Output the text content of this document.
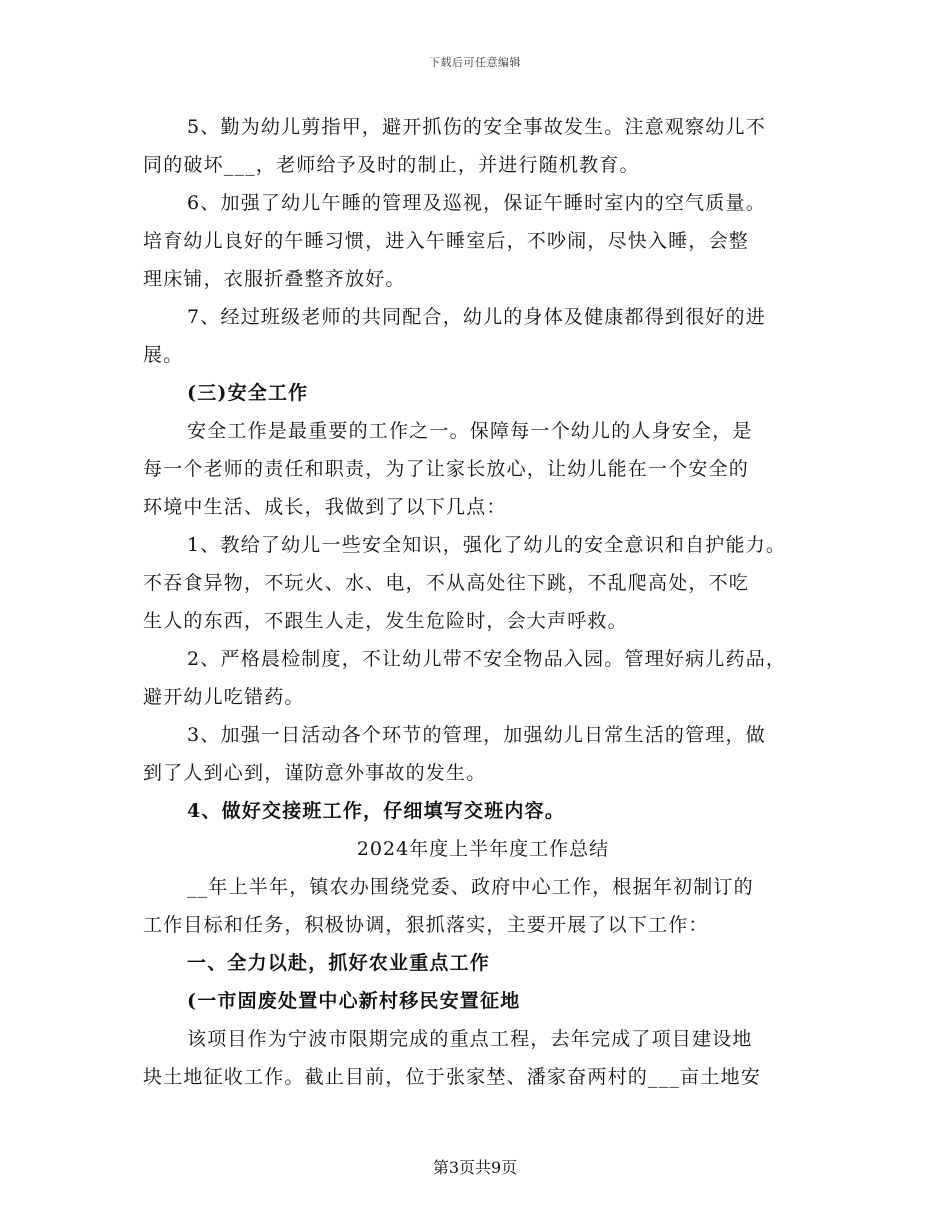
下载后可任意编辑
5、勤为幼儿剪指甲，避开抓伤的安全事故发生。注意观察幼儿不
同的破坏___，老师给予及时的制止，并进行随机教育。
6、加强了幼儿午睡的管理及巡视，保证午睡时室内的空气质量。
培育幼儿良好的午睡习惯，进入午睡室后，不吵闹，尽快入睡，会整
理床铺，衣服折叠整齐放好。
7、经过班级老师的共同配合，幼儿的身体及健康都得到很好的进
展。
(三)安全工作
安全工作是最重要的工作之一。保障每一个幼儿的人身安全，是
每一个老师的责任和职责，为了让家长放心，让幼儿能在一个安全的
环境中生活、成长，我做到了以下几点：
1、教给了幼儿一些安全知识，强化了幼儿的安全意识和自护能力。
不吞食异物，不玩火、水、电，不从高处往下跳，不乱爬高处，不吃
生人的东西，不跟生人走，发生危险时，会大声呼救。
2、严格晨检制度，不让幼儿带不安全物品入园。管理好病儿药品，
避开幼儿吃错药。
3、加强一日活动各个环节的管理，加强幼儿日常生活的管理，做
到了人到心到，谨防意外事故的发生。
4、做好交接班工作，仔细填写交班内容。
2024年度上半年度工作总结
__年上半年，镇农办围绕党委、政府中心工作，根据年初制订的
工作目标和任务，积极协调，狠抓落实，主要开展了以下工作：
一、全力以赴，抓好农业重点工作
(一市固废处置中心新村移民安置征地
该项目作为宁波市限期完成的重点工程，去年完成了项目建设地
块土地征收工作。截止目前，位于张家埜、潘家奋两村的___亩土地安
第3页共9页
